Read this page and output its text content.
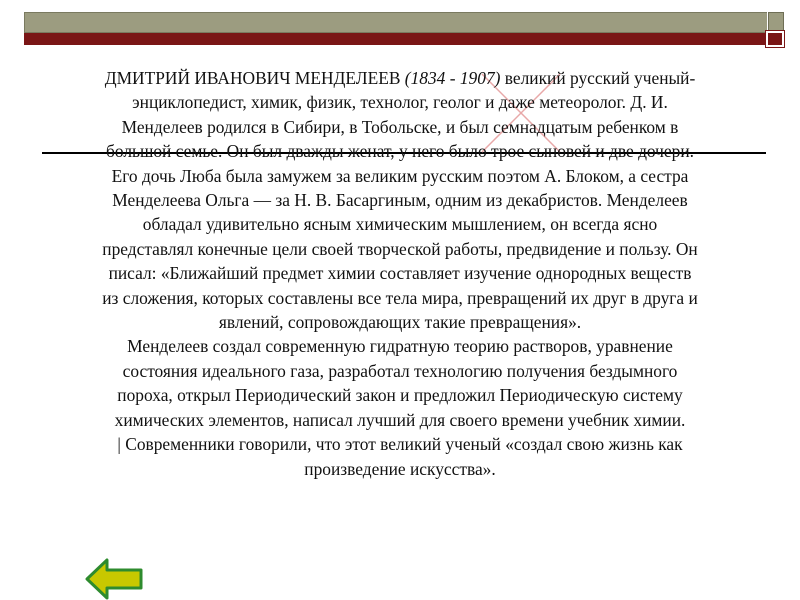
ДМИТРИЙ ИВАНОВИЧ МЕНДЕЛЕЕВ (1834 - 1907) великий русский ученый-энциклопедист, химик, физик, технолог, геолог и даже метеоролог. Д. И. Менделеев родился в Сибири, в Тобольске, и был семнадцатым ребенком в большой семье. Он был дважды женат, у него было трое сыновей и две дочери. Его дочь Люба была замужем за великим русским поэтом А. Блоком, а сестра Менделеева Ольга — за Н. В. Басаргиным, одним из декабристов. Менделеев обладал удивительно ясным химическим мышлением, он всегда ясно представлял конечные цели своей творческой работы, предвидение и пользу. Он писал: «Ближайший предмет химии составляет изучение однородных веществ из сложения, которых составлены все тела мира, превращений их друг в друга и явлений, сопровождающих такие превращения».
Менделеев создал современную гидратную теорию растворов, уравнение состояния идеального газа, разработал технологию получения бездымного пороха, открыл Периодический закон и предложил Периодическую систему химических элементов, написал лучший для своего времени учебник химии.
| Современники говорили, что этот великий ученый «создал свою жизнь как произведение искусства».
